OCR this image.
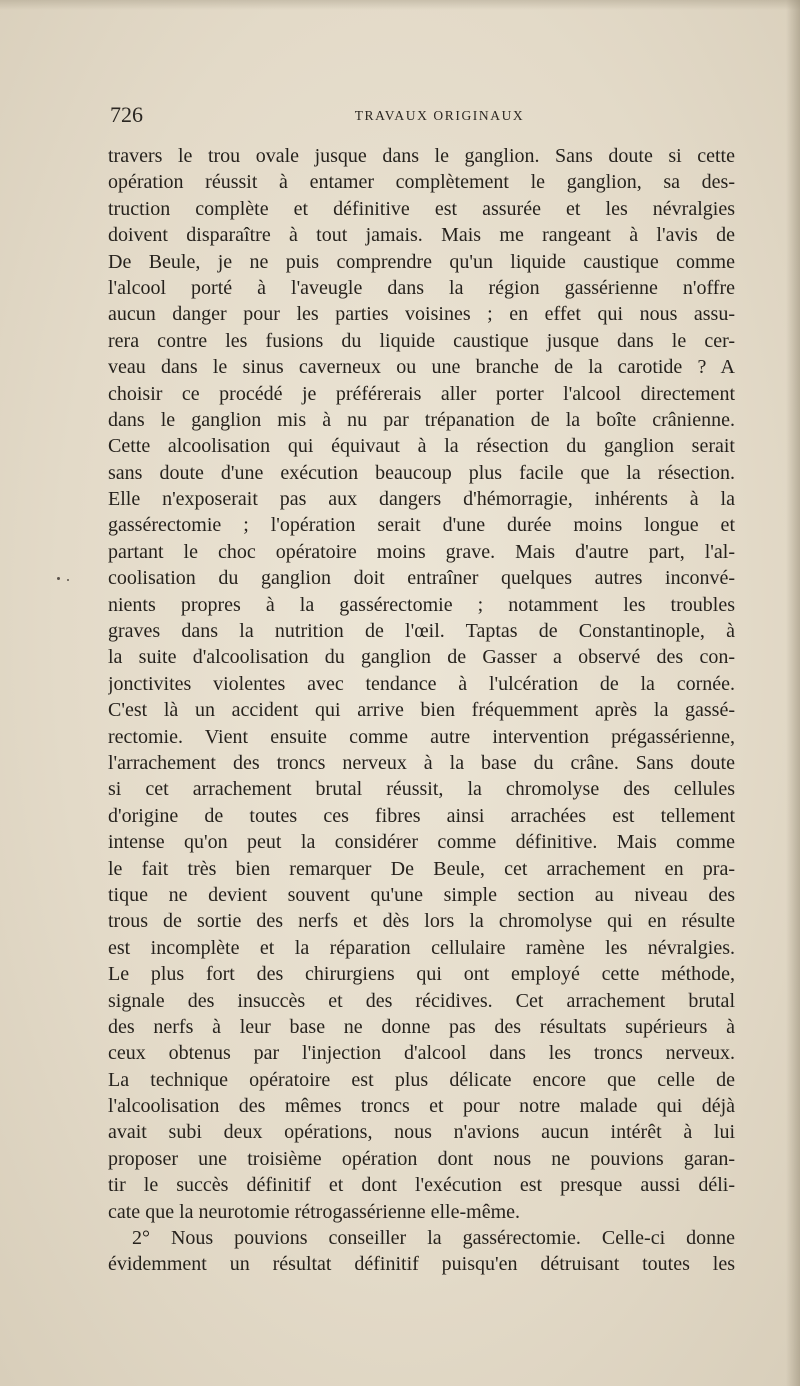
726	TRAVAUX ORIGINAUX
travers le trou ovale jusque dans le ganglion. Sans doute si cette
opération réussit à entamer complètement le ganglion, sa des-
truction complète et définitive est assurée et les névralgies
doivent disparaître à tout jamais. Mais me rangeant à l'avis de
De Beule, je ne puis comprendre qu'un liquide caustique comme
l'alcool porté à l'aveugle dans la région gassérienne n'offre
aucun danger pour les parties voisines ; en effet qui nous assu-
rera contre les fusions du liquide caustique jusque dans le cer-
veau dans le sinus caverneux ou une branche de la carotide ? A
choisir ce procédé je préférerais aller porter l'alcool directement
dans le ganglion mis à nu par trépanation de la boîte crânienne.
Cette alcoolisation qui équivaut à la résection du ganglion serait
sans doute d'une exécution beaucoup plus facile que la résection.
Elle n'exposerait pas aux dangers d'hémorragie, inhérents à la
gassérectomie ; l'opération serait d'une durée moins longue et
partant le choc opératoire moins grave. Mais d'autre part, l'al-
coolisation du ganglion doit entraîner quelques autres inconvé-
nients propres à la gassérectomie ; notamment les troubles
graves dans la nutrition de l'œil. Taptas de Constantinople, à
la suite d'alcoolisation du ganglion de Gasser a observé des con-
jonctivites violentes avec tendance à l'ulcération de la cornée.
C'est là un accident qui arrive bien fréquemment après la gassé-
rectomie. Vient ensuite comme autre intervention prégassérienne,
l'arrachement des troncs nerveux à la base du crâne. Sans doute
si cet arrachement brutal réussit, la chromolyse des cellules
d'origine de toutes ces fibres ainsi arrachées est tellement
intense qu'on peut la considérer comme définitive. Mais comme
le fait très bien remarquer De Beule, cet arrachement en pra-
tique ne devient souvent qu'une simple section au niveau des
trous de sortie des nerfs et dès lors la chromolyse qui en résulte
est incomplète et la réparation cellulaire ramène les névralgies.
Le plus fort des chirurgiens qui ont employé cette méthode,
signale des insuccès et des récidives. Cet arrachement brutal
des nerfs à leur base ne donne pas des résultats supérieurs à
ceux obtenus par l'injection d'alcool dans les troncs nerveux.
La technique opératoire est plus délicate encore que celle de
l'alcoolisation des mêmes troncs et pour notre malade qui déjà
avait subi deux opérations, nous n'avions aucun intérêt à lui
proposer une troisième opération dont nous ne pouvions garan-
tir le succès définitif et dont l'exécution est presque aussi déli-
cate que la neurotomie rétrogassérienne elle-même.
2° Nous pouvions conseiller la gassérectomie. Celle-ci donne
évidemment un résultat définitif puisqu'en détruisant toutes les
